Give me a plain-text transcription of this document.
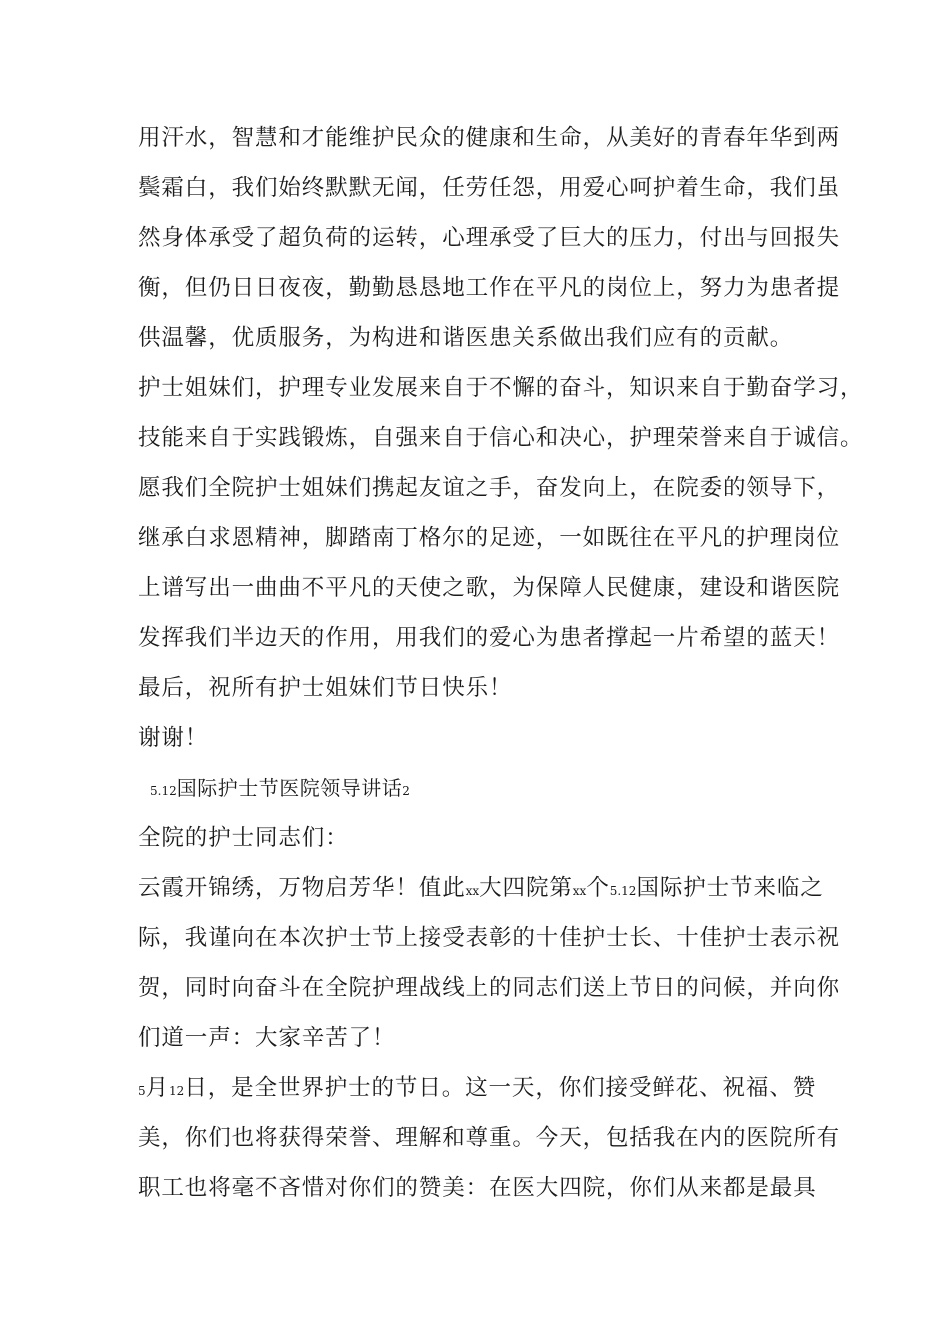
用汗水，智慧和才能维护民众的健康和生命，从美好的青春年华到两
鬓霜白，我们始终默默无闻，任劳任怨，用爱心呵护着生命，我们虽
然身体承受了超负荷的运转，心理承受了巨大的压力，付出与回报失
衡，但仍日日夜夜，勤勤恳恳地工作在平凡的岗位上，努力为患者提
供温馨，优质服务，为构进和谐医患关系做出我们应有的贡献。
护士姐妹们，护理专业发展来自于不懈的奋斗，知识来自于勤奋学习，
技能来自于实践锻炼，自强来自于信心和决心，护理荣誉来自于诚信。
愿我们全院护士姐妹们携起友谊之手，奋发向上，在院委的领导下，
继承白求恩精神，脚踏南丁格尔的足迹，一如既往在平凡的护理岗位
上谱写出一曲曲不平凡的天使之歌，为保障人民健康，建设和谐医院
发挥我们半边天的作用，用我们的爱心为患者撑起一片希望的蓝天！
最后，祝所有护士姐妹们节日快乐！
谢谢！
5.12国际护士节医院领导讲话2
全院的护士同志们：
云霞开锦绣，万物启芳华！值此xx大四院第xx个5.12国际护士节来临之
际，我谨向在本次护士节上接受表彰的十佳护士长、十佳护士表示祝
贺，同时向奋斗在全院护理战线上的同志们送上节日的问候，并向你
们道一声：大家辛苦了！
5月12日，是全世界护士的节日。这一天，你们接受鲜花、祝福、赞
美，你们也将获得荣誉、理解和尊重。今天，包括我在内的医院所有
职工也将毫不吝惜对你们的赞美：在医大四院，你们从来都是最具
